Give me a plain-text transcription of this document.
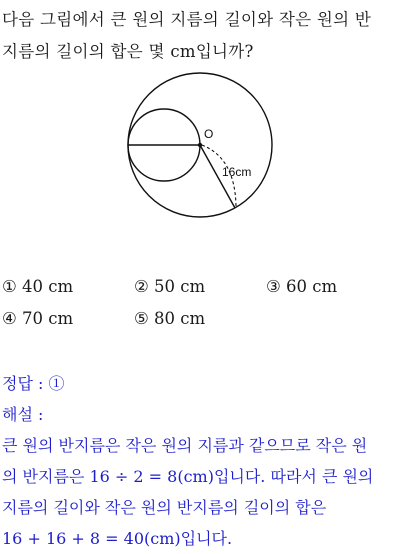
다음 그림에서 큰 원의 지름의 길이와 작은 원의 반
지름의 길이의 합은 몇 cm입니까?
O
16cm
① 40 cm	② 50 cm	③ 60 cm
④ 70 cm	⑤ 80 cm
정답 : ①
해설 :
큰 원의 반지름은 작은 원의 지름과 같으므로 작은 원
의 반지름은 16 ÷ 2 = 8(cm)입니다. 따라서 큰 원의
지름의 길이와 작은 원의 반지름의 길이의 합은
16 + 16 + 8 = 40(cm)입니다.
